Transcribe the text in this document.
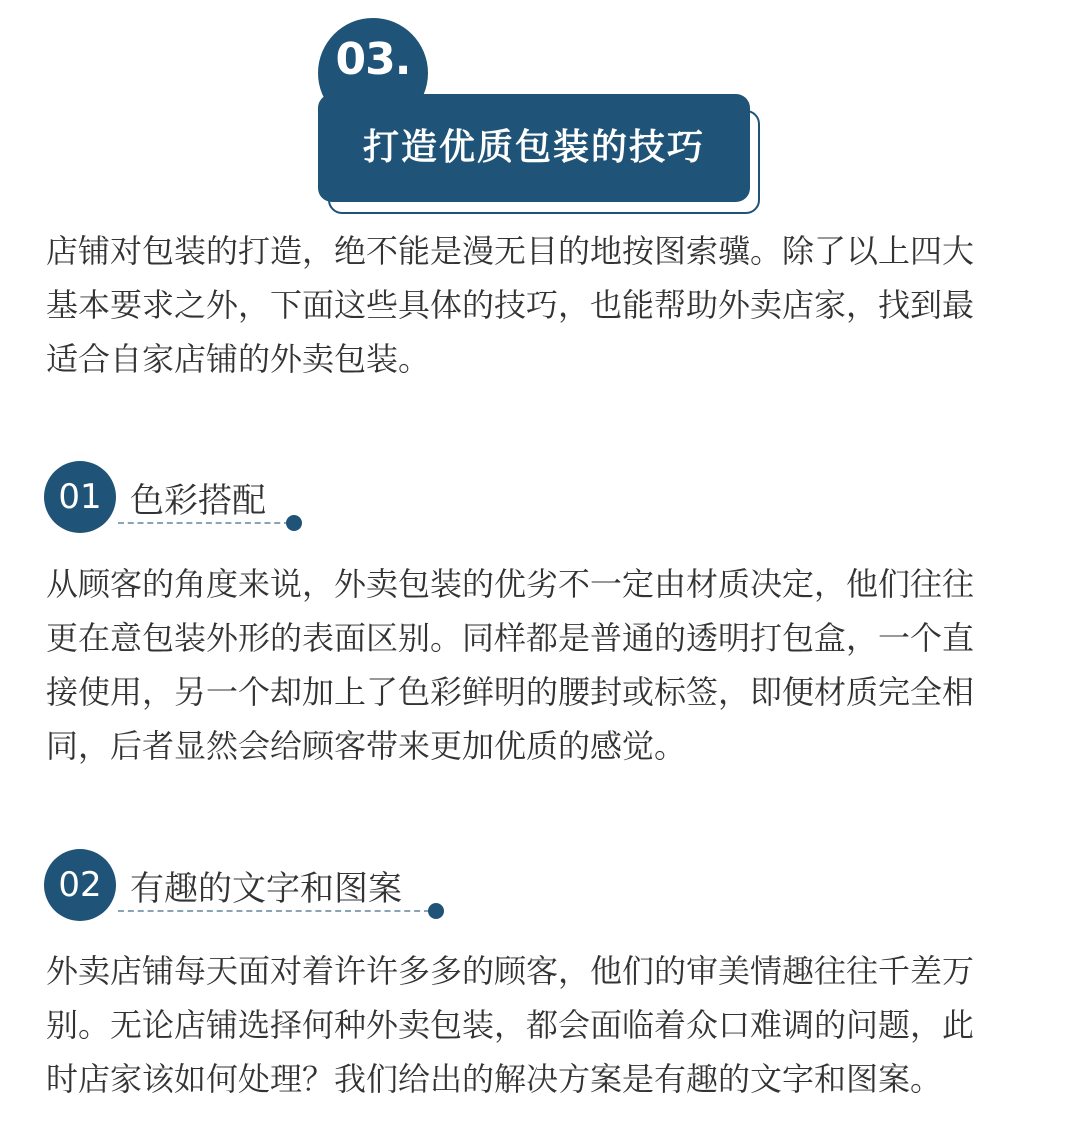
03.
打造优质包装的技巧

店铺对包装的打造，绝不能是漫无目的地按图索骥。除了以上四大
基本要求之外，下面这些具体的技巧，也能帮助外卖店家，找到最
适合自家店铺的外卖包装。

01 色彩搭配

从顾客的角度来说，外卖包装的优劣不一定由材质决定，他们往往
更在意包装外形的表面区别。同样都是普通的透明打包盒，一个直
接使用，另一个却加上了色彩鲜明的腰封或标签，即便材质完全相
同，后者显然会给顾客带来更加优质的感觉。

02 有趣的文字和图案

外卖店铺每天面对着许许多多的顾客，他们的审美情趣往往千差万
别。无论店铺选择何种外卖包装，都会面临着众口难调的问题，此
时店家该如何处理？我们给出的解决方案是有趣的文字和图案。
